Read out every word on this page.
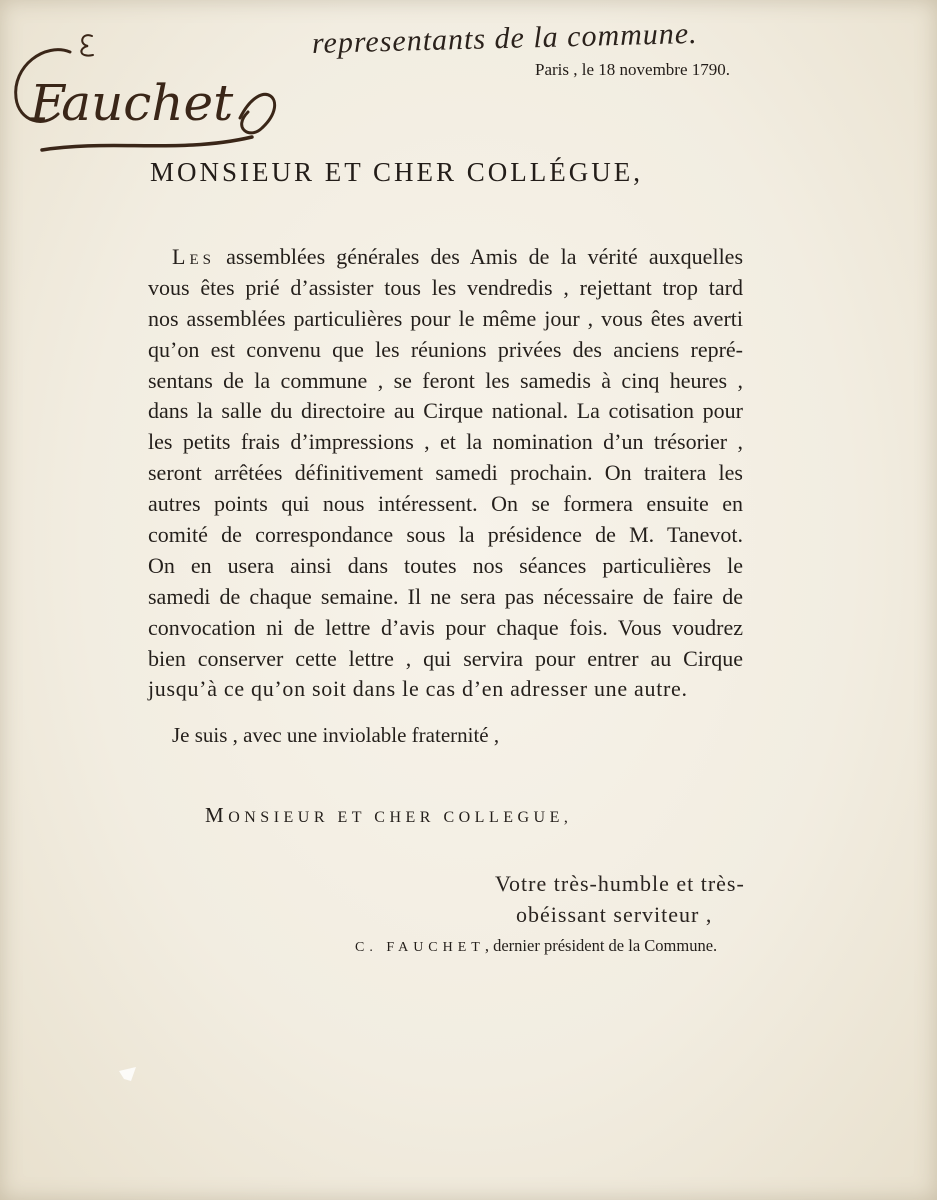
Fauchet
representants de la commune.
Paris , le 18 novembre 1790.
MONSIEUR ET CHER COLLÉGUE,
LES assemblées générales des Amis de la vérité auxquelles
vous êtes prié d’assister tous les vendredis , rejettant trop tard
nos assemblées particulières pour le même jour , vous êtes averti
qu’on est convenu que les réunions privées des anciens repré-
sentans de la commune , se feront les samedis à cinq heures ,
dans la salle du directoire au Cirque national. La cotisation pour
les petits frais d’impressions , et la nomination d’un trésorier ,
seront arrêtées définitivement samedi prochain. On traitera les
autres points qui nous intéressent. On se formera ensuite en
comité de correspondance sous la présidence de M. Tanevot.
On en usera ainsi dans toutes nos séances particulières le
samedi de chaque semaine. Il ne sera pas nécessaire de faire de
convocation ni de lettre d’avis pour chaque fois. Vous voudrez
bien conserver cette lettre , qui servira pour entrer au Cirque
jusqu’à ce qu’on soit dans le cas d’en adresser une autre.
Je suis , avec une inviolable fraternité ,
MONSIEUR ET CHER COLLEGUE,
Votre très-humble et très-
obéissant serviteur ,
C. FAUCHET, dernier président de la Commune.
